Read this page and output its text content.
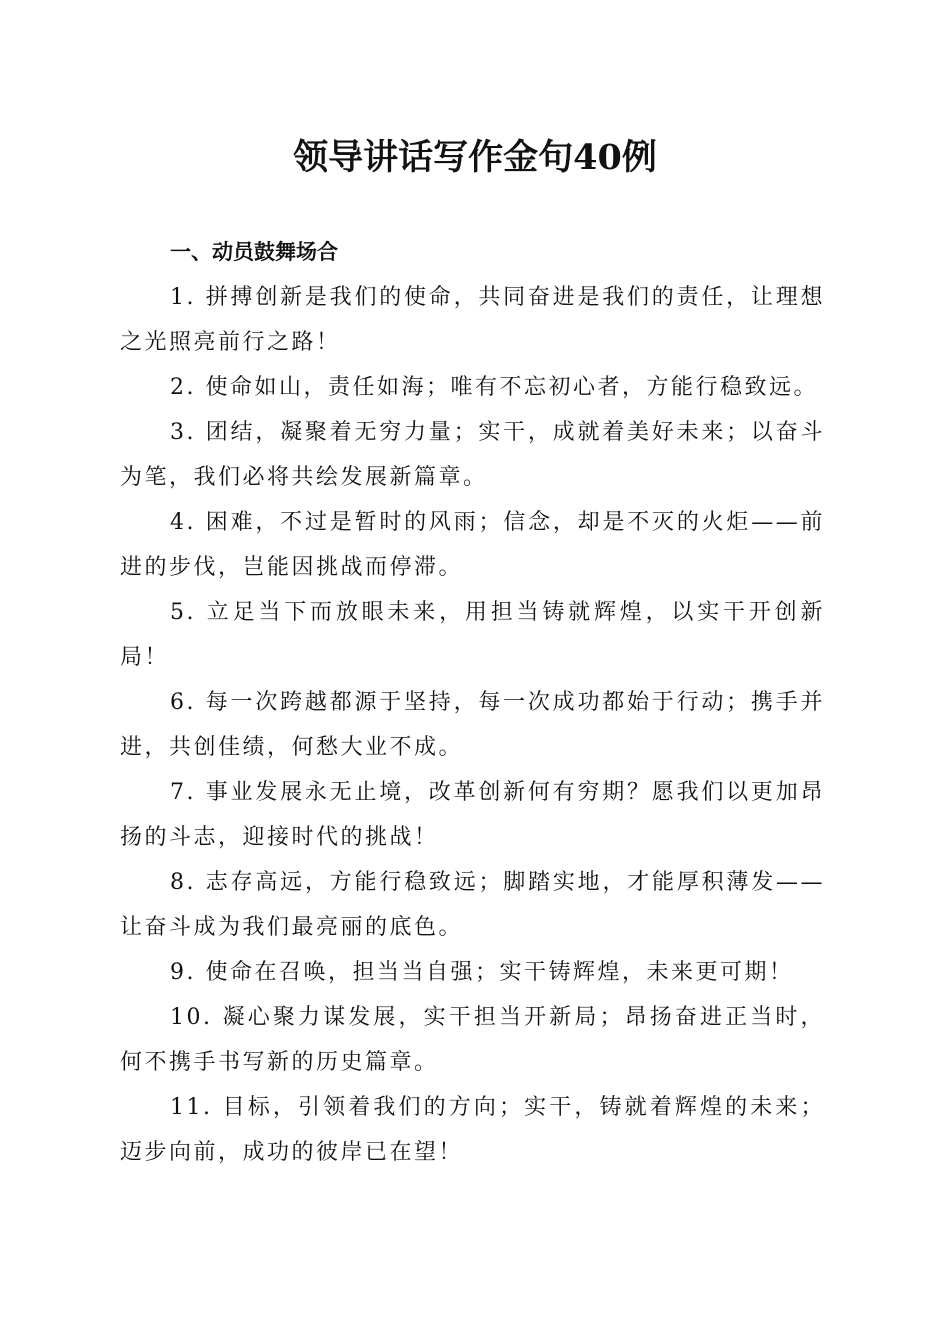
领导讲话写作金句40例

一、动员鼓舞场合

1. 拼搏创新是我们的使命，共同奋进是我们的责任，让理想之光照亮前行之路！

2. 使命如山，责任如海；唯有不忘初心者，方能行稳致远。

3. 团结，凝聚着无穷力量；实干，成就着美好未来；以奋斗为笔，我们必将共绘发展新篇章。

4. 困难，不过是暂时的风雨；信念，却是不灭的火炬——前进的步伐，岂能因挑战而停滞。

5. 立足当下而放眼未来，用担当铸就辉煌，以实干开创新局！

6. 每一次跨越都源于坚持，每一次成功都始于行动；携手并进，共创佳绩，何愁大业不成。

7. 事业发展永无止境，改革创新何有穷期？愿我们以更加昂扬的斗志，迎接时代的挑战！

8. 志存高远，方能行稳致远；脚踏实地，才能厚积薄发——让奋斗成为我们最亮丽的底色。

9. 使命在召唤，担当当自强；实干铸辉煌，未来更可期！

10. 凝心聚力谋发展，实干担当开新局；昂扬奋进正当时，何不携手书写新的历史篇章。

11. 目标，引领着我们的方向；实干，铸就着辉煌的未来；迈步向前，成功的彼岸已在望！
